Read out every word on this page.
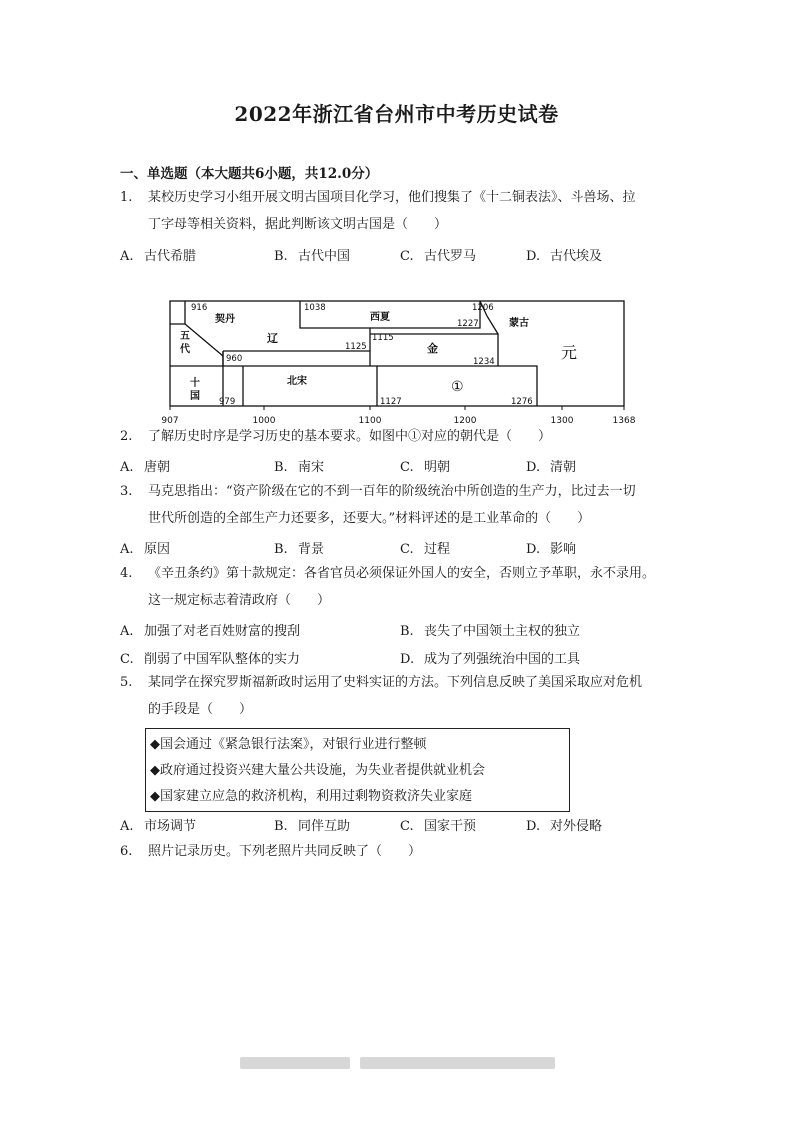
2022年浙江省台州市中考历史试卷
一、单选题（本大题共6小题，共12.0分）
1. 某校历史学习小组开展文明古国项目化学习，他们搜集了《十二铜表法》、斗兽场、拉
丁字母等相关资料，据此判断该文明古国是（　　）
A. 古代希腊	B. 古代中国	C. 古代罗马	D. 古代埃及
907	1000	1100	1200	1300	1368
916	1038	1206
1227
1115
1125
960	1234
979	1127	1276
契丹
辽
五代
十国
北宋
西夏
金
蒙古
元
①
2. 了解历史时序是学习历史的基本要求。如图中①对应的朝代是（　　）
A. 唐朝	B. 南宋	C. 明朝	D. 清朝
3. 马克思指出：“资产阶级在它的不到一百年的阶级统治中所创造的生产力，比过去一切
世代所创造的全部生产力还要多，还要大。”材料评述的是工业革命的（　　）
A. 原因	B. 背景	C. 过程	D. 影响
4. 《辛丑条约》第十款规定：各省官员必须保证外国人的安全，否则立予革职，永不录用。
这一规定标志着清政府（　　）
A. 加强了对老百姓财富的搜刮	B. 丧失了中国领土主权的独立
C. 削弱了中国军队整体的实力	D. 成为了列强统治中国的工具
5. 某同学在探究罗斯福新政时运用了史料实证的方法。下列信息反映了美国采取应对危机
的手段是（　　）
◆国会通过《紧急银行法案》，对银行业进行整顿
◆政府通过投资兴建大量公共设施，为失业者提供就业机会
◆国家建立应急的救济机构，利用过剩物资救济失业家庭
A. 市场调节	B. 同伴互助	C. 国家干预	D. 对外侵略
6. 照片记录历史。下列老照片共同反映了（　　）
